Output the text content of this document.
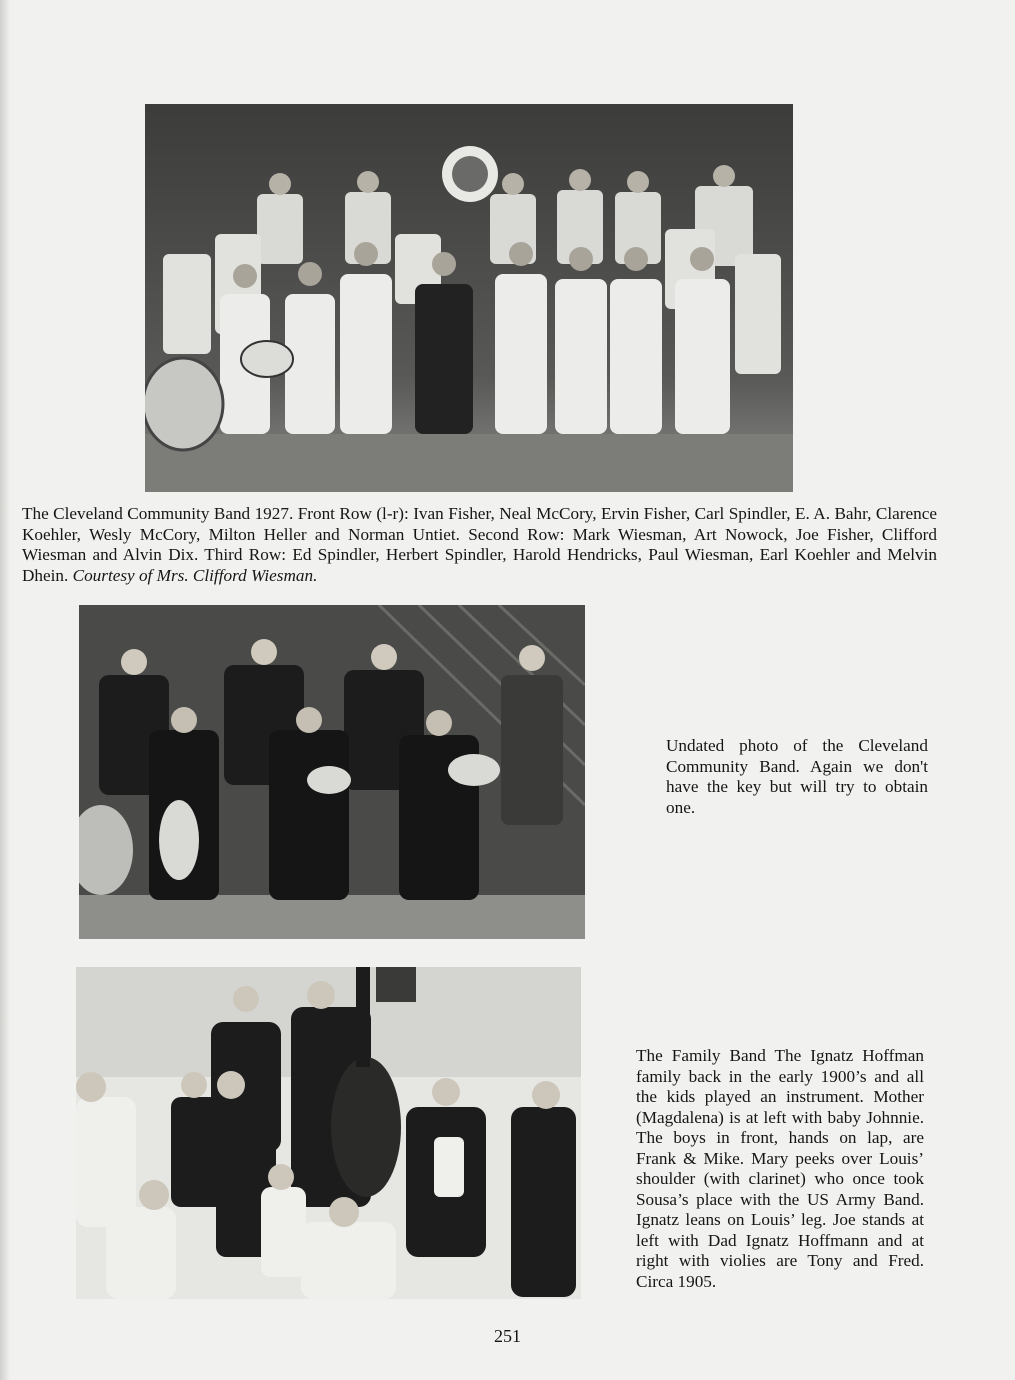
The Cleveland Community Band 1927. Front Row (l-r): Ivan Fisher, Neal McCory, Ervin Fisher, Carl Spindler, E. A. Bahr, Clarence Koehler, Wesly McCory, Milton Heller and Norman Untiet. Second Row: Mark Wiesman, Art Nowock, Joe Fisher, Clifford Wiesman and Alvin Dix. Third Row: Ed Spindler, Herbert Spindler, Harold Hendricks, Paul Wiesman, Earl Koehler and Melvin Dhein. Courtesy of Mrs. Clifford Wiesman.

Undated photo of the Cleveland Community Band. Again we don't have the key but will try to obtain one.

The Family Band The Ignatz Hoffman family back in the early 1900’s and all the kids played an instrument. Mother (Magdalena) is at left with baby Johnnie. The boys in front, hands on lap, are Frank & Mike. Mary peeks over Louis’ shoulder (with clarinet) who once took Sousa’s place with the US Army Band. Ignatz leans on Louis’ leg. Joe stands at left with Dad Ignatz Hoffmann and at right with violies are Tony and Fred. Circa 1905.

251
